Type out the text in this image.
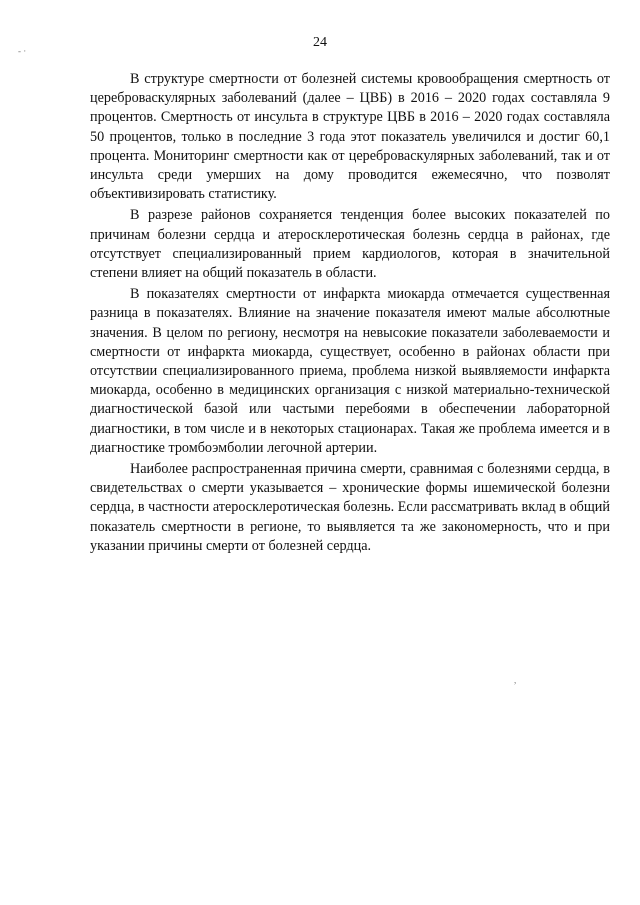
‐ ·
,
24

В структуре смертности от болезней системы кровообращения смертность от цереброваскулярных заболеваний (далее – ЦВБ) в 2016 – 2020 годах составляла 9 процентов. Смертность от инсульта в структуре ЦВБ в 2016 – 2020 годах составляла 50 процентов, только в последние 3 года этот показатель увеличился и достиг 60,1 процента. Мониторинг смертности как от цереброваскулярных заболеваний, так и от инсульта среди умерших на дому проводится ежемесячно, что позволят объективизировать статистику.

В разрезе районов сохраняется тенденция более высоких показателей по причинам болезни сердца и атеросклеротическая болезнь сердца в районах, где отсутствует специализированный прием кардиологов, которая в значительной степени влияет на общий показатель в области.

В показателях смертности от инфаркта миокарда отмечается существенная разница в показателях. Влияние на значение показателя имеют малые абсолютные значения. В целом по региону, несмотря на невысокие показатели заболеваемости и смертности от инфаркта миокарда, существует, особенно в районах области при отсутствии специализированного приема, проблема низкой выявляемости инфаркта миокарда, особенно в медицинских организация с низкой материально-технической диагностической базой или частыми перебоями в обеспечении лабораторной диагностики, в том числе и в некоторых стационарах. Такая же проблема имеется и в диагностике тромбоэмболии легочной артерии.

Наиболее распространенная причина смерти, сравнимая с болезнями сердца, в свидетельствах о смерти указывается – хронические формы ишемической болезни сердца, в частности атеросклеротическая болезнь. Если рассматривать вклад в общий показатель смертности в регионе, то выявляется та же закономерность, что и при указании причины смерти от болезней сердца.
